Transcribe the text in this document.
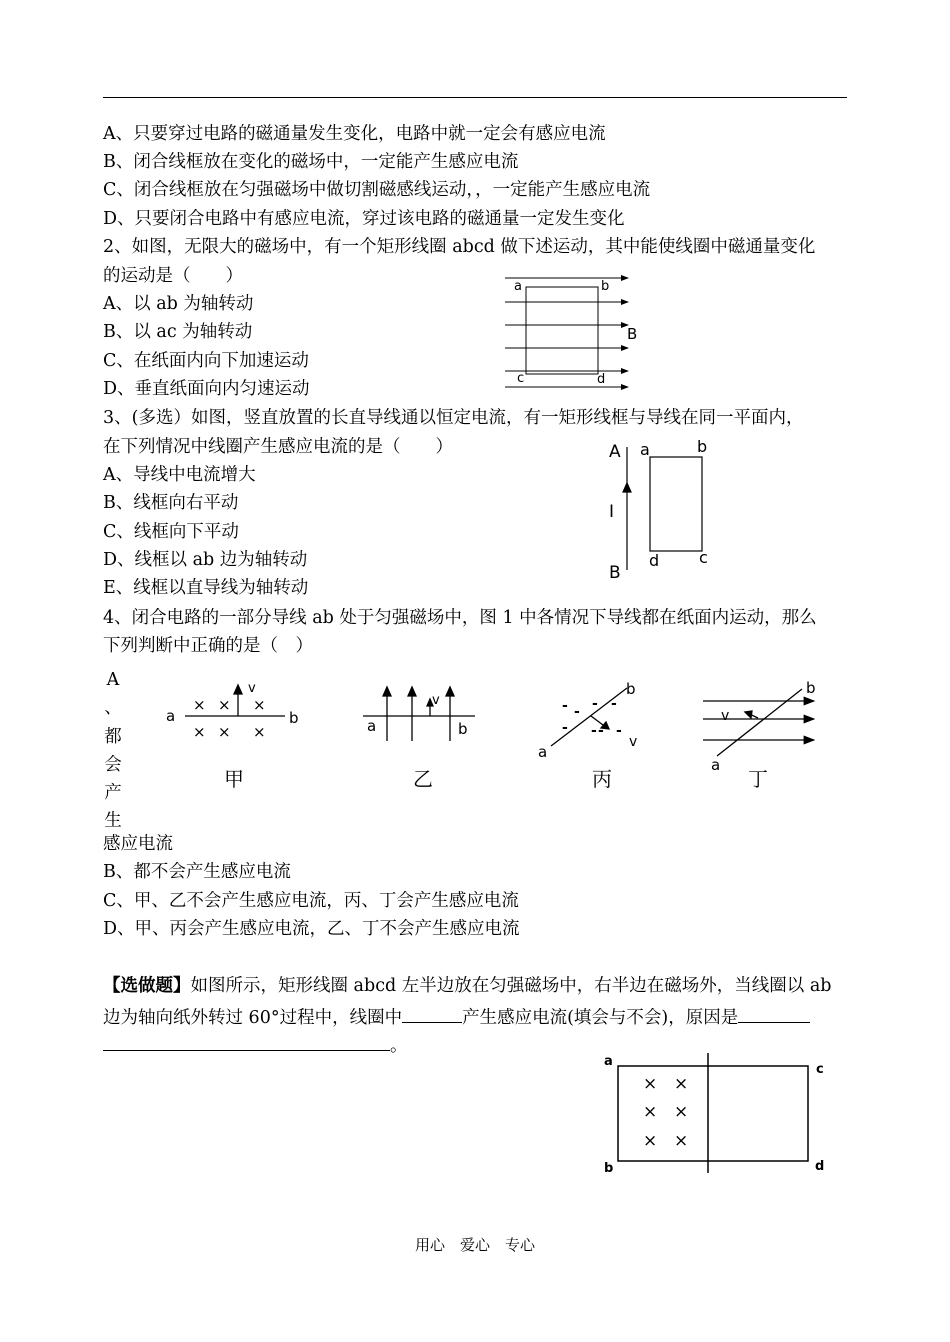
A、只要穿过电路的磁通量发生变化，电路中就一定会有感应电流
B、闭合线框放在变化的磁场中，一定能产生感应电流
C、闭合线框放在匀强磁场中做切割磁感线运动，，一定能产生感应电流
D、只要闭合电路中有感应电流，穿过该电路的磁通量一定发生变化
2、如图，无限大的磁场中，有一个矩形线圈 abcd 做下述运动，其中能使线圈中磁通量变化
的运动是（　　）
A、以 ab 为轴转动
B、以 ac 为轴转动
C、在纸面内向下加速运动
D、垂直纸面向内匀速运动
a	b
c	d
B
3、(多选）如图，竖直放置的长直导线通以恒定电流，有一矩形线框与导线在同一平面内，
在下列情况中线圈产生感应电流的是（　　）
A、导线中电流增大
B、线框向右平动
C、线框向下平动
D、线框以 ab 边为轴转动
E、线框以直导线为轴转动
A
I
B
a	b
c
d
4、闭合电路的一部分导线 ab 处于匀强磁场中，图 1 中各情况下导线都在纸面内运动，那么
下列判断中正确的是（　）
A
、
都
会
产
生
感应电流
B、都不会产生感应电流
C、甲、乙不会产生感应电流，丙、丁会产生感应电流
D、甲、丙会产生感应电流，乙、丁不会产生感应电流
× × ×
× × ×
a	b
v
甲
a	b
v
乙
- - -
- - - -
-
a
b
v
丙
a
b
v
丁
【选做题】如图所示，矩形线圈 abcd 左半边放在匀强磁场中，右半边在磁场外，当线圈以 ab
边为轴向纸外转过 60°过程中，线圈中	产生感应电流(填会与不会)，原因是
。
× ×
× ×
× ×
a
b
c
d
用心　爱心　专心
